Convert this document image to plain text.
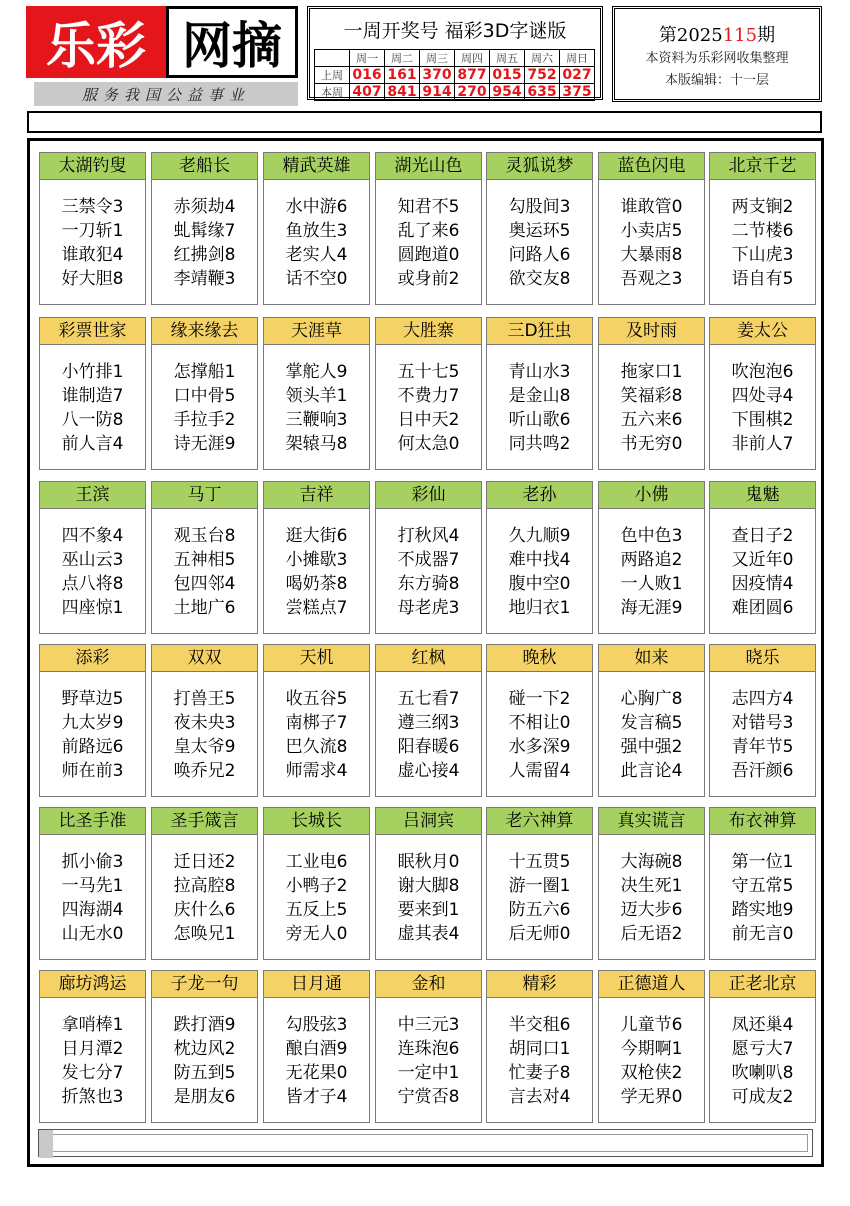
乐彩 网摘
服务我国公益事业
一周开奖号 福彩3D字谜版
	周一	周二	周三	周四	周五	周六	周日
上周	016	161	370	877	015	752	027
本周	407	841	914	270	954	635	375
第2025115期
本资料为乐彩网收集整理
本版编辑：十一层
太湖钓叟
三禁令3
一刀斩1
谁敢犯4
好大胆8
老船长
赤须劫4
虬髯缘7
红拂剑8
李靖鞭3
精武英雄
水中游6
鱼放生3
老实人4
话不空0
湖光山色
知君不5
乱了来6
圆跑道0
或身前2
灵狐说梦
勾股间3
奥运环5
问路人6
欲交友8
蓝色闪电
谁敢管0
小卖店5
大暴雨8
吾观之3
北京千艺
两支锏2
二节楼6
下山虎3
语自有5
彩票世家
小竹排1
谁制造7
八一防8
前人言4
缘来缘去
怎撑船1
口中骨5
手拉手2
诗无涯9
天涯草
掌舵人9
领头羊1
三鞭响3
架辕马8
大胜寨
五十七5
不费力7
日中天2
何太急0
三D狂虫
青山水3
是金山8
听山歌6
同共鸣2
及时雨
拖家口1
笑福彩8
五六来6
书无穷0
姜太公
吹泡泡6
四处寻4
下围棋2
非前人7
王滨
四不象4
巫山云3
点八将8
四座惊1
马丁
观玉台8
五神相5
包四邻4
土地广6
吉祥
逛大街6
小摊歇3
喝奶茶8
尝糕点7
彩仙
打秋风4
不成器7
东方骑8
母老虎3
老孙
久九顺9
难中找4
腹中空0
地归衣1
小佛
色中色3
两路追2
一人败1
海无涯9
鬼魅
查日子2
又近年0
因疫情4
难团圆6
添彩
野草边5
九太岁9
前路远6
师在前3
双双
打兽王5
夜未央3
皇太爷9
唤乔兄2
天机
收五谷5
南梆子7
巴久流8
师需求4
红枫
五七看7
遵三纲3
阳春暖6
虚心接4
晚秋
碰一下2
不相让0
水多深9
人需留4
如来
心胸广8
发言稿5
强中强2
此言论4
晓乐
志四方4
对错号3
青年节5
吾汗颜6
比圣手准
抓小偷3
一马先1
四海湖4
山无水0
圣手箴言
迁日还2
拉高腔8
庆什么6
怎唤兄1
长城长
工业电6
小鸭子2
五反上5
旁无人0
吕洞宾
眠秋月0
谢大脚8
要来到1
虚其表4
老六神算
十五贯5
游一圈1
防五六6
后无师0
真实谎言
大海碗8
决生死1
迈大步6
后无语2
布衣神算
第一位1
守五常5
踏实地9
前无言0
廊坊鸿运
拿哨棒1
日月潭2
发七分7
折煞也3
子龙一句
跌打酒9
枕边风2
防五到5
是朋友6
日月通
勾股弦3
酿白酒9
无花果0
皆才子4
金和
中三元3
连珠泡6
一定中1
宁赏否8
精彩
半交租6
胡同口1
忙妻子8
言去对4
正德道人
儿童节6
今期啊1
双枪侠2
学无界0
正老北京
凤还巢4
愿亏大7
吹喇叭8
可成友2
